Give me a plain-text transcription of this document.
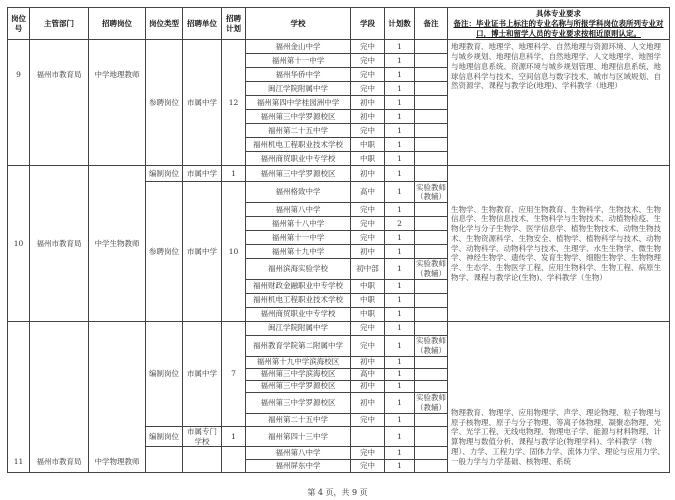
岗位号	主管部门	招聘岗位	岗位类型	招聘单位	招聘计划	学校	学段	计划数	备注	具体专业要求
备注：毕业证书上标注的专业名称与所报学科岗位表所列专业对口，博士和留学人员的专业要求按相近原则认定。

9	福州市教育局	中学地理教师	参聘岗位	市属中学	12	福州金山中学	完中	1		地理教育、地理学、地理科学、自然地理与资源环境、人文地理与城乡规划、地理信息科学、自然地理学、人文地理学、地图学与地理信息系统、资源环境与城乡规划管理、地理信息系统、地球信息科学与技术、空间信息与数字技术、城市与区域规划、自然资源学、课程与教学论(地理)、学科教学（地理）
						福州第十一中学	完中	1		
						福州华侨中学	完中	1		
						闽江学院附属中学	完中	1		
						福州第四中学桂园洲中学	初中	1		
						福州第三中学罗源校区	初中	1		
						福州第二十五中学	完中	1		
						福州机电工程职业技术学校	中职	1		
						福州商贸职业中专学校	中职	1		
10	福州市教育局	中学生物教师	编制岗位	市属中学	1	福州第三中学罗源校区	初中	1		生物学、生物教育、应用生物教育、生物科学、生物技术、生物信息学、生物信息技术、生物科学与生物技术、动植物检疫、生物化学与分子生物学、医学信息学、植物生物技术、动物生物技术、生物资源科学、生物安全、植物学、植物科学与技术、动物学、动物科学、动物科学与技术、生理学、水生生物学、微生物学、神经生物学、遗传学、发育生物学、细胞生物学、生物物理学、生态学、生物医学工程、应用生物科学、生物工程、病原生物学、课程与教学论(生物)、学科教学（生物）
			参聘岗位	市属中学	10	福州格致中学	高中	1	实验教师（教辅）	
						福州第八中学	完中	1		
						福州第十八中学	完中	2		
						福州第十一中学	完中	1		
						福州第十九中学	初中	1		
						福州滨海实验学校	初中部	1	实验教师（教辅）	
						福州财政金融职业中专学校	中职	1		
						福州机电工程职业技术学校	中职	1		
						福州商贸职业中专学校	中职	1		
11	福州市教育局	中学物理教师	编制岗位	市属中学	7	闽江学院附属中学	完中	1		物理教育、物理学、应用物理学、声学、理论物理、粒子物理与原子核物理、原子与分子物理、等离子体物理、凝聚态物理、光学、光学工程、无线电物理、物理电子学、能源与材料物理、计算物理与数值分析、课程与教学论(物理学科)、学科教学（物理）、力学、工程力学、固体力学、流体力学、理论与应用力学、一般力学与力学基础、核物理、系统
						福州教育学院第二附属中学	完中	1	实验教师（教辅）	
						福州第十九中学滨海校区	初中	1		
						福州第三中学滨海校区	高中	1		
						福州第三中学罗源校区	初中	1		
						福州第三中学罗源校区	初中	1	实验教师（教辅）	
						福州第二十五中学	完中	1		
			编制岗位	市属专门学校	1	福州第四十三中学		1		
						福州第八中学	完中	1		
						福州屏东中学	完中	1		
第 4 页，共 9 页
